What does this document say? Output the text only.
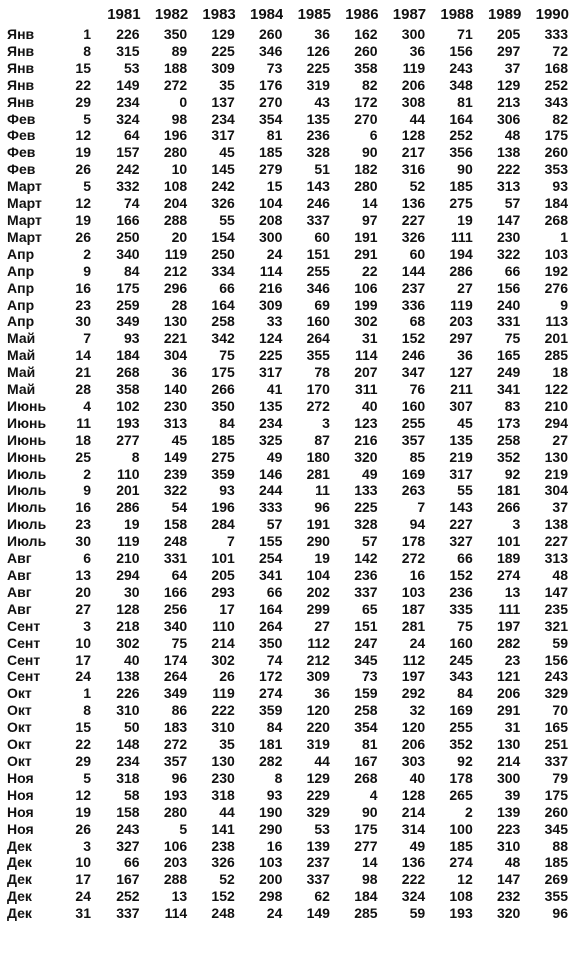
		1981	1982	1983	1984	1985	1986	1987	1988	1989	1990
Янв	1	226	350	129	260	36	162	300	71	205	333
Янв	8	315	89	225	346	126	260	36	156	297	72
Янв	15	53	188	309	73	225	358	119	243	37	168
Янв	22	149	272	35	176	319	82	206	348	129	252
Янв	29	234	0	137	270	43	172	308	81	213	343
Фев	5	324	98	234	354	135	270	44	164	306	82
Фев	12	64	196	317	81	236	6	128	252	48	175
Фев	19	157	280	45	185	328	90	217	356	138	260
Фев	26	242	10	145	279	51	182	316	90	222	353
Март	5	332	108	242	15	143	280	52	185	313	93
Март	12	74	204	326	104	246	14	136	275	57	184
Март	19	166	288	55	208	337	97	227	19	147	268
Март	26	250	20	154	300	60	191	326	111	230	1
Апр	2	340	119	250	24	151	291	60	194	322	103
Апр	9	84	212	334	114	255	22	144	286	66	192
Апр	16	175	296	66	216	346	106	237	27	156	276
Апр	23	259	28	164	309	69	199	336	119	240	9
Апр	30	349	130	258	33	160	302	68	203	331	113
Май	7	93	221	342	124	264	31	152	297	75	201
Май	14	184	304	75	225	355	114	246	36	165	285
Май	21	268	36	175	317	78	207	347	127	249	18
Май	28	358	140	266	41	170	311	76	211	341	122
Июнь	4	102	230	350	135	272	40	160	307	83	210
Июнь	11	193	313	84	234	3	123	255	45	173	294
Июнь	18	277	45	185	325	87	216	357	135	258	27
Июнь	25	8	149	275	49	180	320	85	219	352	130
Июль	2	110	239	359	146	281	49	169	317	92	219
Июль	9	201	322	93	244	11	133	263	55	181	304
Июль	16	286	54	196	333	96	225	7	143	266	37
Июль	23	19	158	284	57	191	328	94	227	3	138
Июль	30	119	248	7	155	290	57	178	327	101	227
Авг	6	210	331	101	254	19	142	272	66	189	313
Авг	13	294	64	205	341	104	236	16	152	274	48
Авг	20	30	166	293	66	202	337	103	236	13	147
Авг	27	128	256	17	164	299	65	187	335	111	235
Сент	3	218	340	110	264	27	151	281	75	197	321
Сент	10	302	75	214	350	112	247	24	160	282	59
Сент	17	40	174	302	74	212	345	112	245	23	156
Сент	24	138	264	26	172	309	73	197	343	121	243
Окт	1	226	349	119	274	36	159	292	84	206	329
Окт	8	310	86	222	359	120	258	32	169	291	70
Окт	15	50	183	310	84	220	354	120	255	31	165
Окт	22	148	272	35	181	319	81	206	352	130	251
Окт	29	234	357	130	282	44	167	303	92	214	337
Ноя	5	318	96	230	8	129	268	40	178	300	79
Ноя	12	58	193	318	93	229	4	128	265	39	175
Ноя	19	158	280	44	190	329	90	214	2	139	260
Ноя	26	243	5	141	290	53	175	314	100	223	345
Дек	3	327	106	238	16	139	277	49	185	310	88
Дек	10	66	203	326	103	237	14	136	274	48	185
Дек	17	167	288	52	200	337	98	222	12	147	269
Дек	24	252	13	152	298	62	184	324	108	232	355
Дек	31	337	114	248	24	149	285	59	193	320	96
